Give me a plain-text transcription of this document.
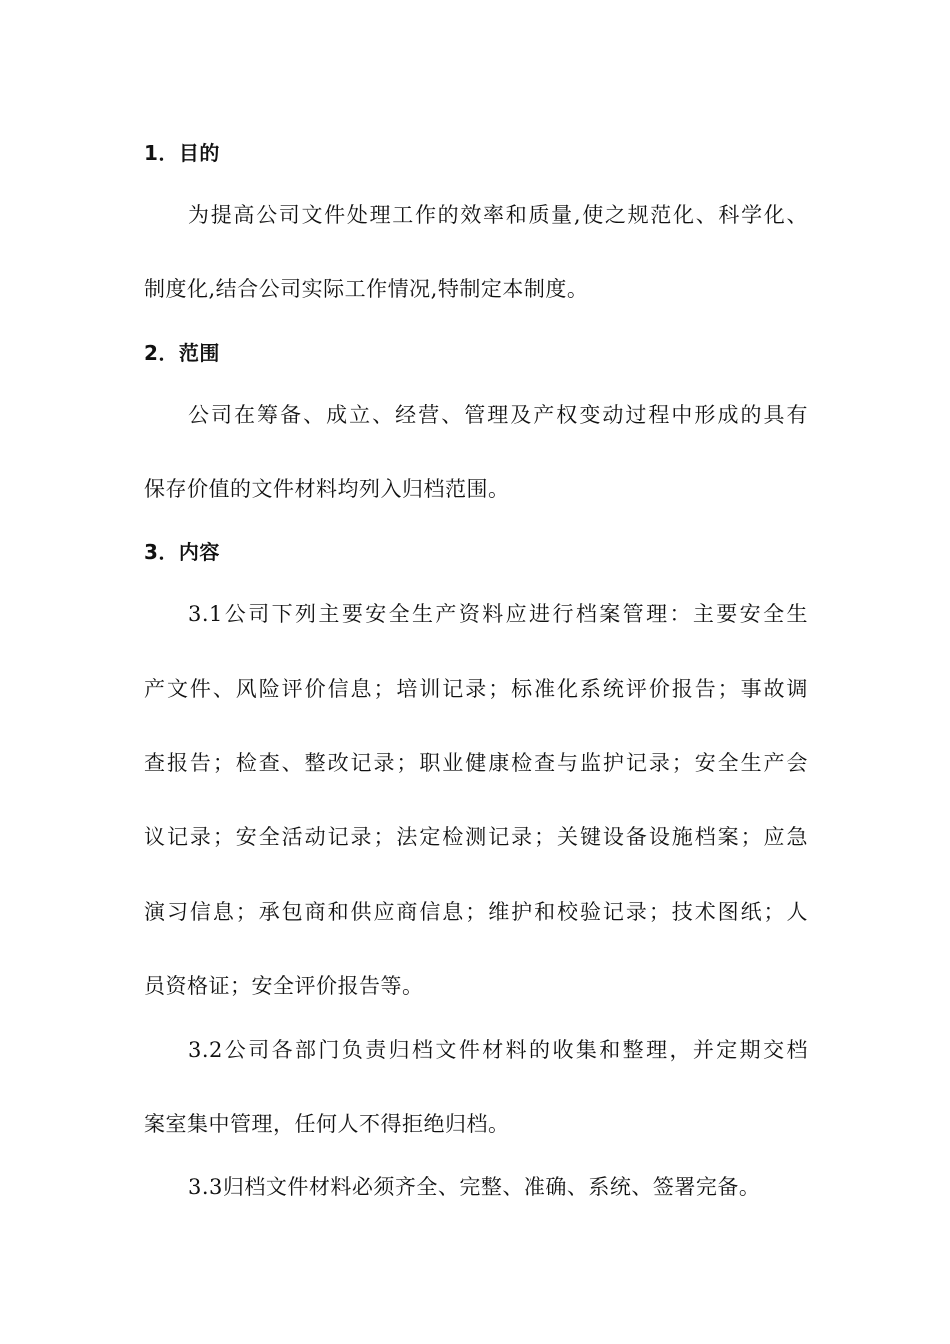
1．目的
为提高公司文件处理工作的效率和质量,使之规范化、科学化、
制度化,结合公司实际工作情况,特制定本制度。
2．范围
公司在筹备、成立、经营、管理及产权变动过程中形成的具有
保存价值的文件材料均列入归档范围。
3．内容
3.1公司下列主要安全生产资料应进行档案管理：主要安全生
产文件、风险评价信息；培训记录；标准化系统评价报告；事故调
查报告；检查、整改记录；职业健康检查与监护记录；安全生产会
议记录；安全活动记录；法定检测记录；关键设备设施档案；应急
演习信息；承包商和供应商信息；维护和校验记录；技术图纸；人
员资格证；安全评价报告等。
3.2公司各部门负责归档文件材料的收集和整理，并定期交档
案室集中管理，任何人不得拒绝归档。
3.3归档文件材料必须齐全、完整、准确、系统、签署完备。
